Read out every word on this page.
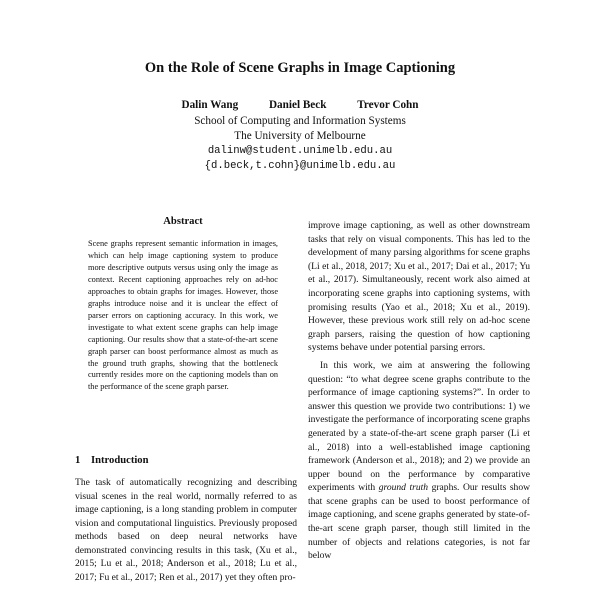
On the Role of Scene Graphs in Image Captioning
Dalin Wang	Daniel Beck	Trevor Cohn
School of Computing and Information Systems
The University of Melbourne
dalinw@student.unimelb.edu.au
{d.beck,t.cohn}@unimelb.edu.au
Abstract
Scene graphs represent semantic information in images, which can help image captioning system to produce more descriptive outputs versus using only the image as context. Recent captioning approaches rely on ad-hoc approaches to obtain graphs for images. However, those graphs introduce noise and it is unclear the effect of parser errors on captioning accuracy. In this work, we investigate to what extent scene graphs can help image captioning. Our results show that a state-of-the-art scene graph parser can boost performance almost as much as the ground truth graphs, showing that the bottleneck currently resides more on the captioning models than on the performance of the scene graph parser.
1 Introduction

The task of automatically recognizing and describing visual scenes in the real world, normally referred to as image captioning, is a long standing problem in computer vision and computational linguistics. Previously proposed methods based on deep neural networks have demonstrated convincing results in this task, (Xu et al., 2015; Lu et al., 2018; Anderson et al., 2018; Lu et al., 2017; Fu et al., 2017; Ren et al., 2017) yet they often pro-

improve image captioning, as well as other downstream tasks that rely on visual components. This has led to the development of many parsing algorithms for scene graphs (Li et al., 2018, 2017; Xu et al., 2017; Dai et al., 2017; Yu et al., 2017). Simultaneously, recent work also aimed at incorporating scene graphs into captioning systems, with promising results (Yao et al., 2018; Xu et al., 2019). However, these previous work still rely on ad-hoc scene graph parsers, raising the question of how captioning systems behave under potential parsing errors.

In this work, we aim at answering the following question: “to what degree scene graphs contribute to the performance of image captioning systems?”. In order to answer this question we provide two contributions: 1) we investigate the performance of incorporating scene graphs generated by a state-of-the-art scene graph parser (Li et al., 2018) into a well-established image captioning framework (Anderson et al., 2018); and 2) we provide an upper bound on the performance by comparative experiments with ground truth graphs. Our results show that scene graphs can be used to boost performance of image captioning, and scene graphs generated by state-of-the-art scene graph parser, though still limited in the number of objects and relations categories, is not far below
